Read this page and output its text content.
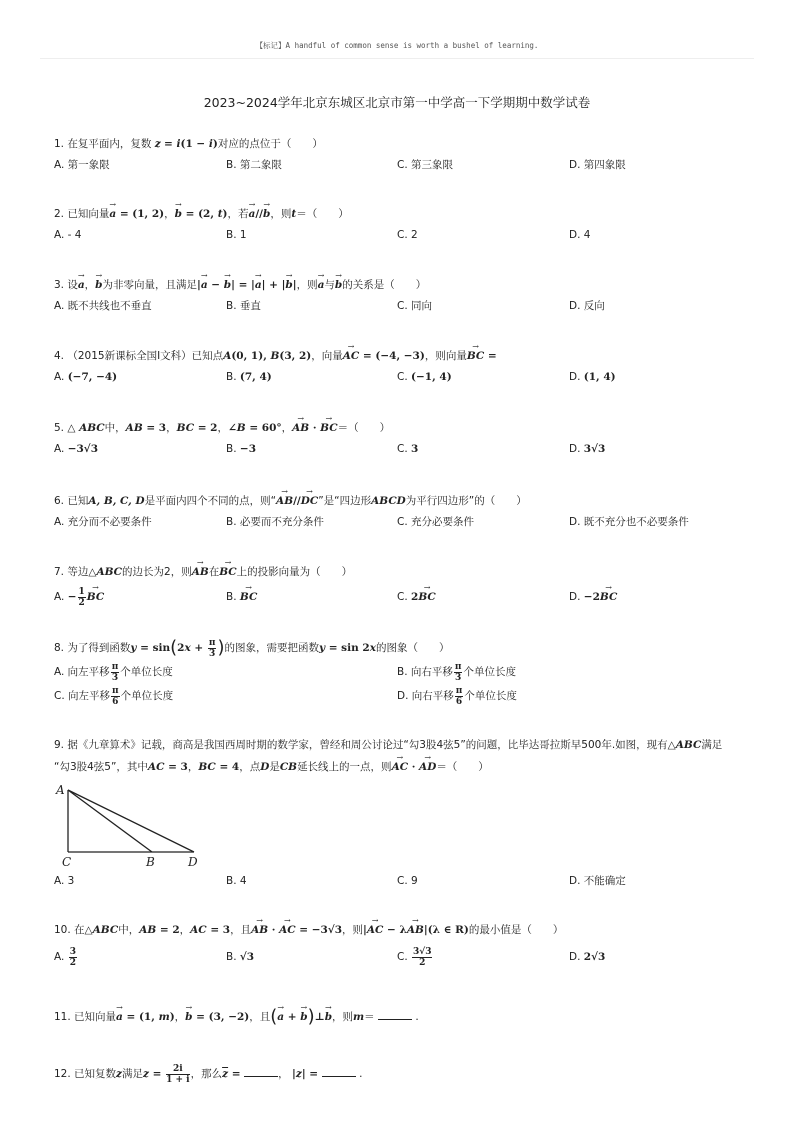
【标记】A handful of common sense is worth a bushel of learning.
2023~2024学年北京东城区北京市第一中学高一下学期期中数学试卷
1. 在复平面内，复数 z = i(1 − i)对应的点位于（　　）
A. 第一象限	B. 第二象限	C. 第三象限	D. 第四象限
2. 已知向量→ a = (1, 2)，→ b = (2, t)，若→ a//→ b，则t＝（　　）
A. - 4	B. 1	C. 2	D. 4
3. 设→ a，→ b为非零向量，且满足|→ a − → b| = |→ a| + |→ b|，则→ a与→ b的关系是（　　）
A. 既不共线也不垂直	B. 垂直	C. 同向	D. 反向
4. （2015新课标全国Ⅰ文科）已知点A(0, 1), B(3, 2)，向量→ AC = (−4, −3)，则向量→ BC =
A. (−7, −4)	B. (7, 4)	C. (−1, 4)	D. (1, 4)
5. △ ABC中，AB = 3，BC = 2，∠B = 60°，→ AB · → BC＝（　　）
A. −3√3	B. −3	C. 3	D. 3√3
6. 已知A, B, C, D是平面内四个不同的点，则“→ AB//→ DC”是“四边形ABCD为平行四边形”的（　　）
A. 充分而不必要条件	B. 必要而不充分条件	C. 充分必要条件	D. 既不充分也不必要条件
7. 等边△ABC的边长为2，则→ AB在→ BC上的投影向量为（　　）
A. − $\frac{1}{2}$ → BC	B. → BC	C. 2→ BC	D. −2→ BC
8. 为了得到函数$y = \sin(2x + \frac{\pi}{3}$ )的图象，需要把函数y = sin 2x的图象（　　）
A. 向左平移 $\frac{\pi}{3}$ 个单位长度	B. 向右平移 $\frac{\pi}{3}$ 个单位长度
C. 向左平移 $\frac{\pi}{6}$ 个单位长度	D. 向右平移 $\frac{\pi}{6}$ 个单位长度
9. 据《九章算术》记载，商高是我国西周时期的数学家，曾经和周公讨论过“勾3股4弦5”的问题，比毕达哥拉斯早500年.如图，现有△ABC满足
“勾3股4弦5”，其中AC = 3，BC = 4，点D是CB延长线上的一点，则→ AC · → AD＝（　　）
A
C	B	D
A. 3	B. 4	C. 9	D. 不能确定
10. 在△ABC中，AB = 2，AC = 3，且→ AB · → AC = −3√3，则|→ AC − λ→ AB|(λ ∈ R)的最小值是（　　）
A. $\frac{3}{2}$	B. √3	C. $\frac{3√3}{2}$	D. 2√3
11. 已知向量→ a = (1, m)，→ b = (3, −2)，且(→ a + → b)⊥→ b，则m＝	.
12. 已知复数z满足$z = \frac{2i}{1 + i}$ ，那么$\overline{z}$ =	， |z| =	.
